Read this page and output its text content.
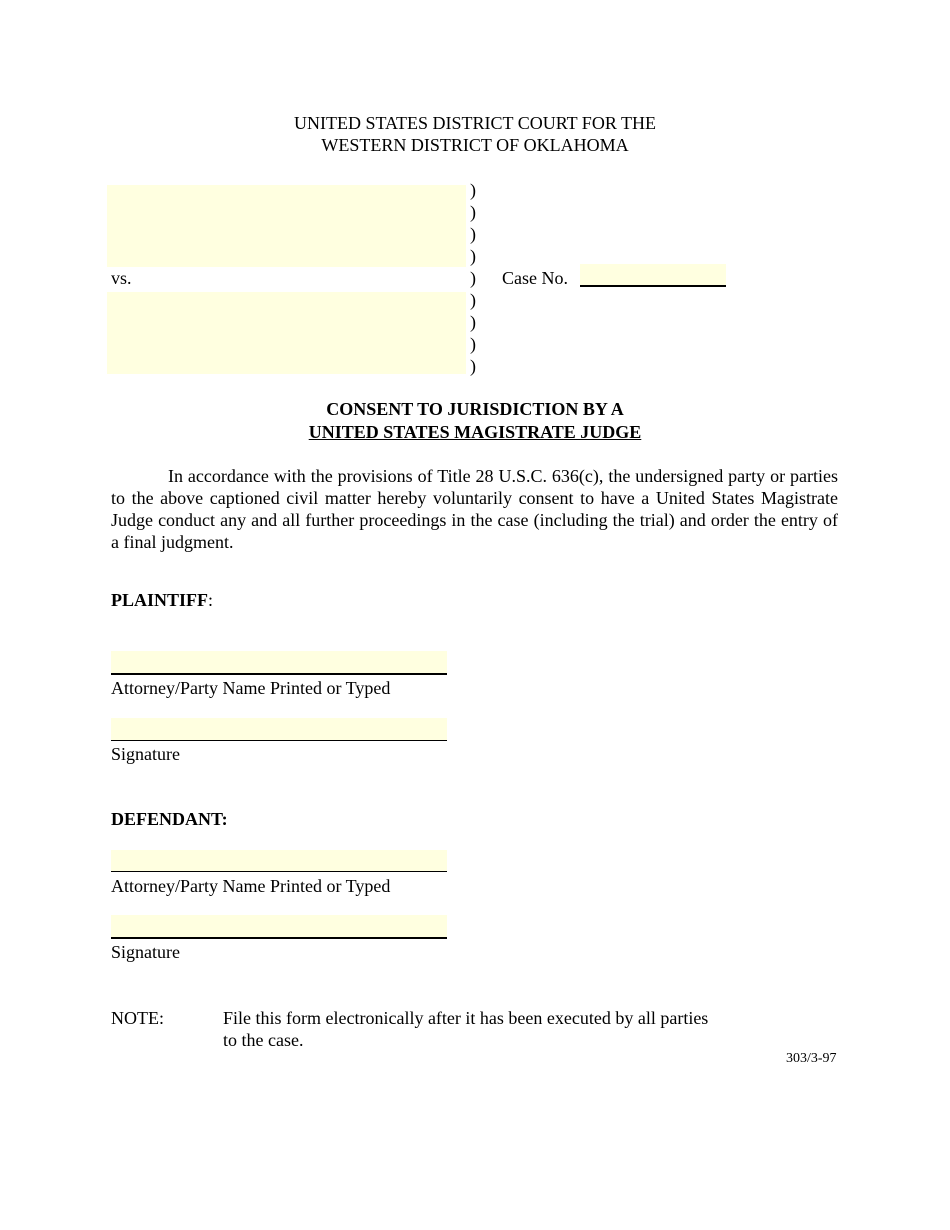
UNITED STATES DISTRICT COURT FOR THE
WESTERN DISTRICT OF OKLAHOMA
vs.
)
)
)
)
)
)
)
)
)
Case No.
CONSENT TO JURISDICTION BY A
UNITED STATES MAGISTRATE JUDGE
In accordance with the provisions of Title 28 U.S.C. 636(c), the undersigned party or parties to the above captioned civil matter hereby voluntarily consent to have a United States Magistrate Judge conduct any and all further proceedings in the case (including the trial) and order the entry of a final judgment.
PLAINTIFF:
Attorney/Party Name Printed or Typed
Signature
DEFENDANT:
Attorney/Party Name Printed or Typed
Signature
NOTE:	File this form electronically after it has been executed by all parties
to the case.
303/3-97
